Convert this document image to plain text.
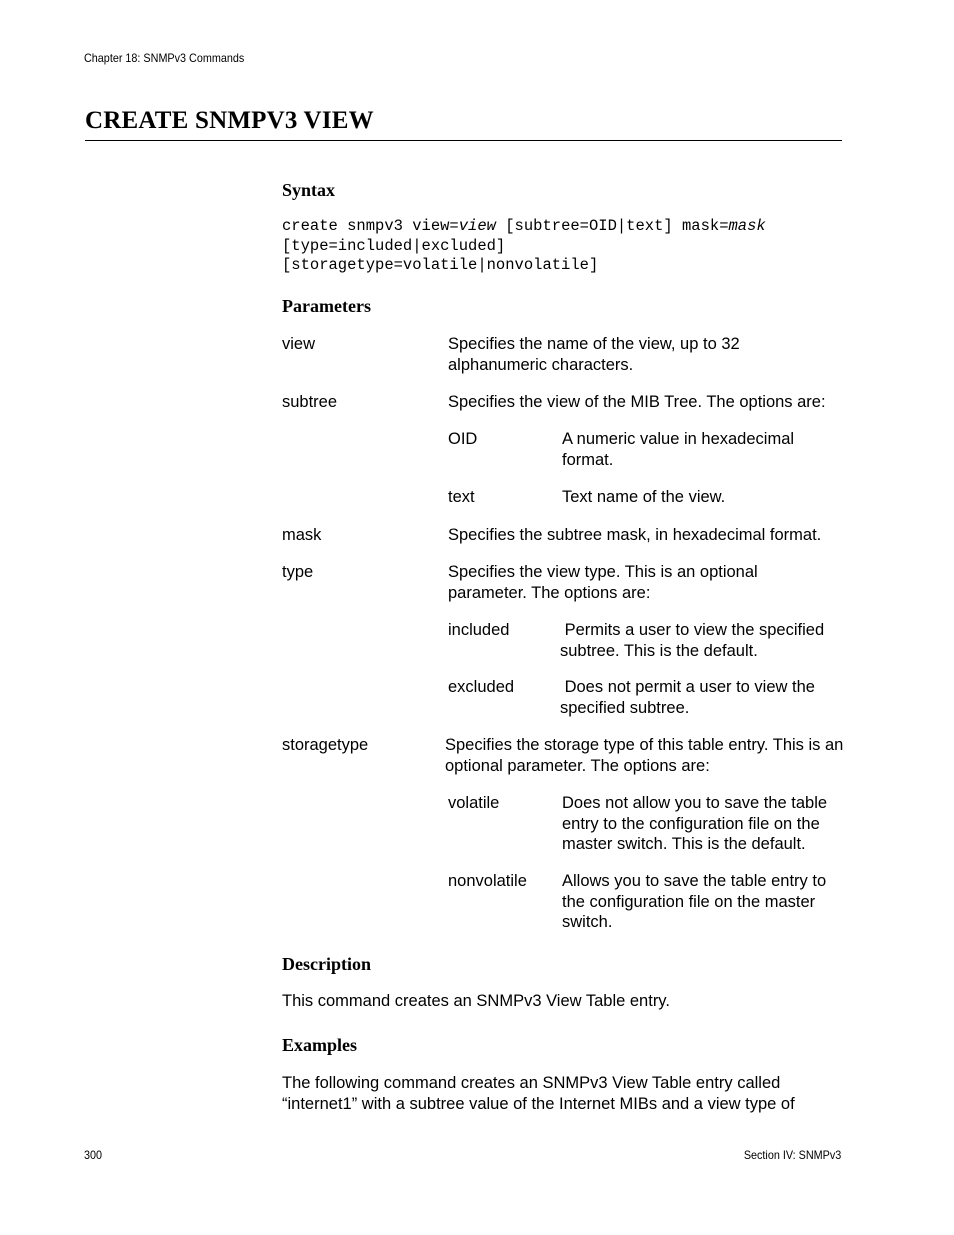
Chapter 18: SNMPv3 Commands
CREATE SNMPV3 VIEW
Syntax
create snmpv3 view=view [subtree=OID|text] mask=mask
[type=included|excluded]
[storagetype=volatile|nonvolatile]
Parameters
view	Specifies the name of the view, up to 32 alphanumeric characters.
subtree	Specifies the view of the MIB Tree. The options are:
OID	A numeric value in hexadecimal format.
text	Text name of the view.
mask	Specifies the subtree mask, in hexadecimal format.
type	Specifies the view type. This is an optional parameter. The options are:
included	Permits a user to view the specified subtree. This is the default.
excluded	Does not permit a user to view the specified subtree.
storagetype	Specifies the storage type of this table entry. This is an optional parameter. The options are:
volatile	Does not allow you to save the table entry to the configuration file on the master switch. This is the default.
nonvolatile Allows you to save the table entry to the configuration file on the master switch.
Description
This command creates an SNMPv3 View Table entry.
Examples
The following command creates an SNMPv3 View Table entry called “internet1” with a subtree value of the Internet MIBs and a view type of
300	Section IV: SNMPv3
